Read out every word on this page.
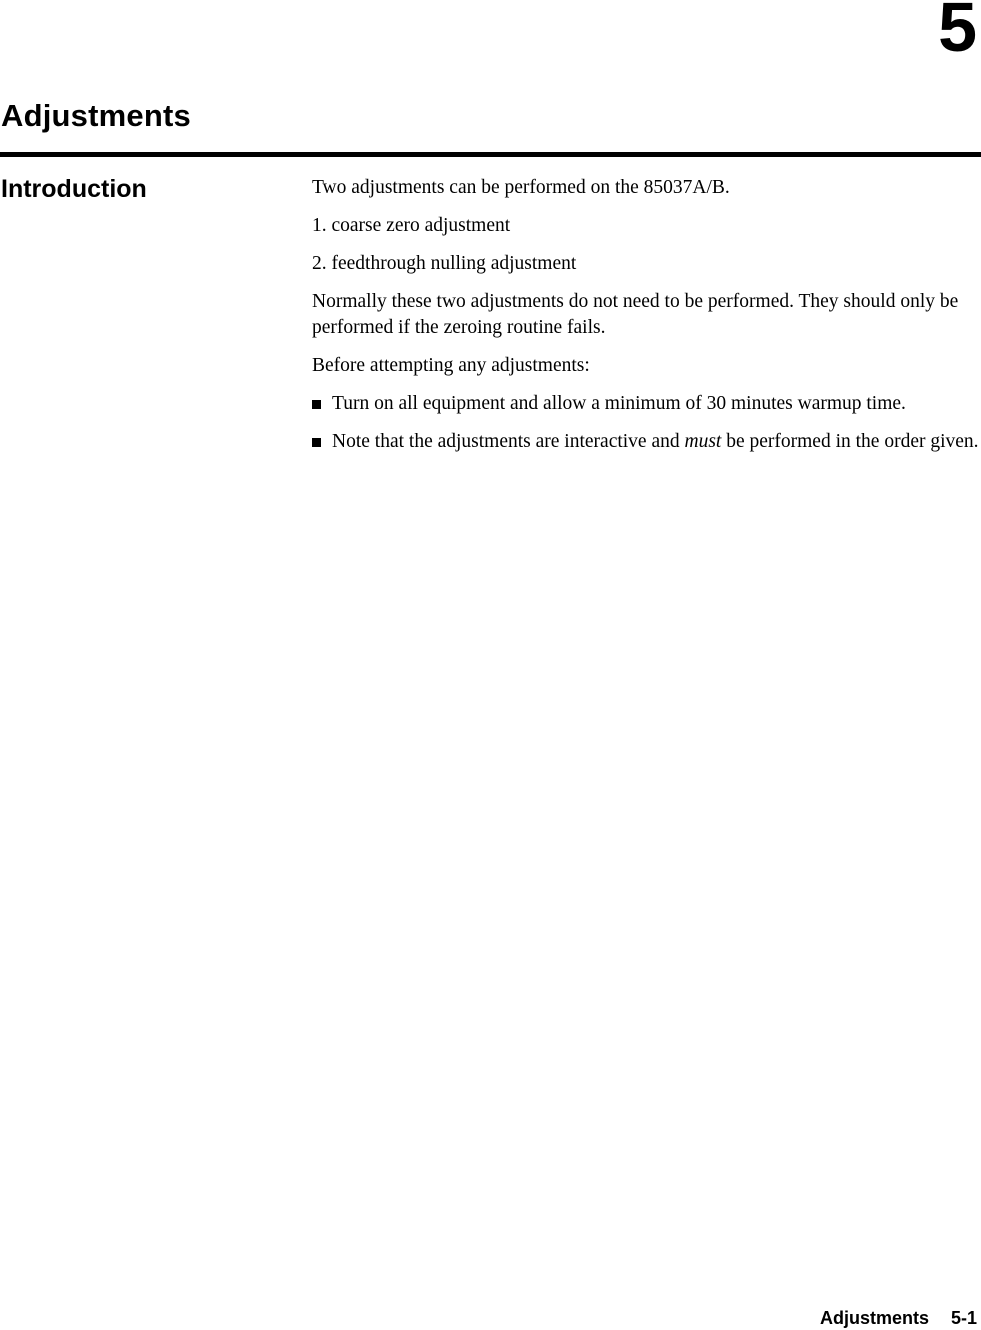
5
Adjustments
Introduction	Two adjustments can be performed on the 85037A/B.

1. coarse zero adjustment

2. feedthrough nulling adjustment

Normally these two adjustments do not need to be performed. They should only be performed if the zeroing routine fails.

Before attempting any adjustments:

Turn on all equipment and allow a minimum of 30 minutes warmup time.
Note that the adjustments are interactive and must be performed in the order given.
Adjustments 5-1
